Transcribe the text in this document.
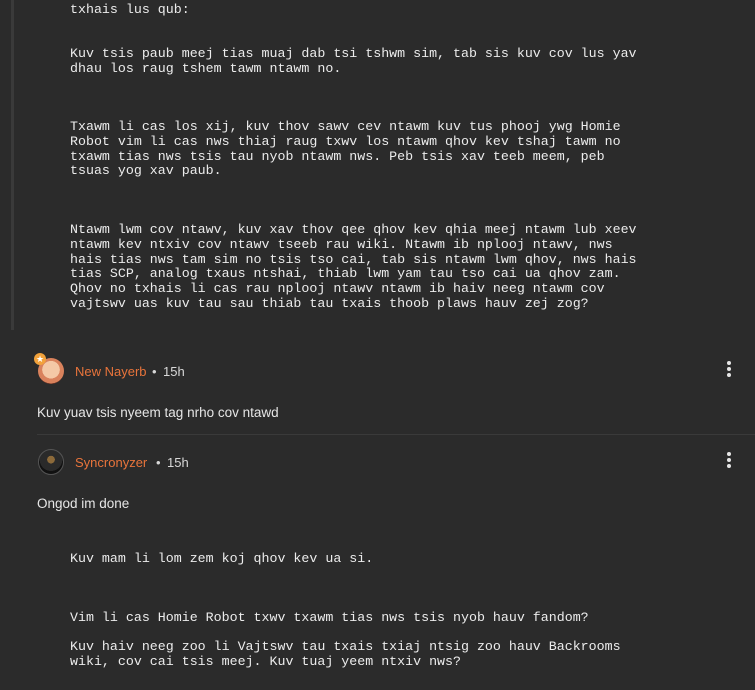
txhais lus qub:
Kuv tsis paub meej tias muaj dab tsi tshwm sim, tab sis kuv cov lus yav
dhau los raug tshem tawm ntawm no.
Txawm li cas los xij, kuv thov sawv cev ntawm kuv tus phooj ywg Homie
Robot vim li cas nws thiaj raug txwv los ntawm qhov kev tshaj tawm no
txawm tias nws tsis tau nyob ntawm nws. Peb tsis xav teeb meem, peb
tsuas yog xav paub.
Ntawm lwm cov ntawv, kuv xav thov qee qhov kev qhia meej ntawm lub xeev
ntawm kev ntxiv cov ntawv tseeb rau wiki. Ntawm ib nplooj ntawv, nws
hais tias nws tam sim no tsis tso cai, tab sis ntawm lwm qhov, nws hais
tias SCP, analog txaus ntshai, thiab lwm yam tau tso cai ua qhov zam.
Qhov no txhais li cas rau nplooj ntawv ntawm ib haiv neeg ntawm cov
vajtswv uas kuv tau sau thiab tau txais thoob plaws hauv zej zog?
★
New Nayerb • 15h
Kuv yuav tsis nyeem tag nrho cov ntawd
Syncronyzer • 15h
Ongod im done
Kuv mam li lom zem koj qhov kev ua si.
Vim li cas Homie Robot txwv txawm tias nws tsis nyob hauv fandom?
Kuv haiv neeg zoo li Vajtswv tau txais txiaj ntsig zoo hauv Backrooms
wiki, cov cai tsis meej. Kuv tuaj yeem ntxiv nws?
